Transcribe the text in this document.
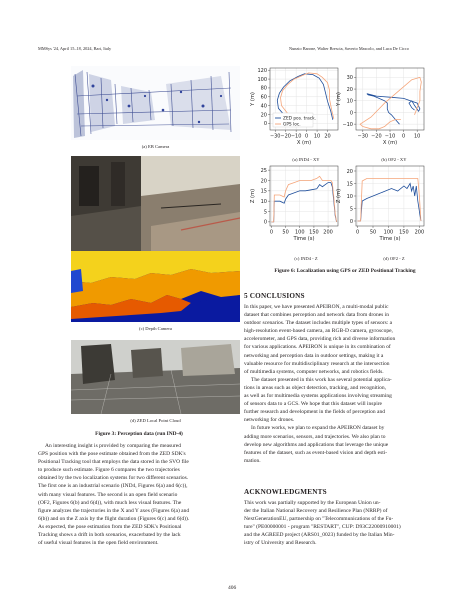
MMSys '24, April 15–18, 2024, Bari, Italy	Nunzio Barone, Walter Brescia, Saverio Mascolo, and Luca De Cicco
(a) EB Camera
(c) Depth Camera
(d) ZED Local Point Cloud
Figure 3: Perception data (run IND-4)

An interesting insight is provided by comparing the measured

GPS position with the pose estimate obtained from the ZED SDK's

Positional Tracking tool that employs the data stored in the SVO file

to produce such estimate. Figure 6 compares the two trajectories

obtained by the two localization systems for two different scenarios.

The first one is an industrial scenario (IND4, Figures 6(a) and 6(c)),

with many visual features. The second is an open field scenario

(OF2, Figures 6(b) and 6(d)), with much less visual features. The

figure analyzes the trajectories in the X and Y axes (Figures 6(a) and

6(b)) and on the Z axis by the flight duration (Figures 6(c) and 6(d)).

As expected, the pose estimation from the ZED SDK's Positional

Tracking shows a drift in both scenarios, exacerbated by the lack

of useful visual features in the open field environment.

0
20
40
60
80
100
120
−30 −20 −10 0 10 20
X (m)
Y (m)
ZED pos. track.
GPS loc.	−10
0
10
20
30
−30 −20 −10 0 10
X (m)
Y (m)
0
5
10
15
20
25
0 50 100 150 200
Time (s)
Z (m)
0
5
10
15
20
0 50 100 150 200
Time (s)
Z (m)
(a) IND4 - XY	(b) OF2 - XY
(c) IND4 - Z	(d) OF2 - Z
Figure 6: Localization using GPS or ZED Positional Tracking
5 CONCLUSIONS

In this paper, we have presented APEIRON, a multi-modal public

dataset that combines perception and network data from drones in

outdoor scenarios. The dataset includes multiple types of sensors: a

high-resolution event-based camera, an RGB-D camera, gyroscope,

accelerometer, and GPS data, providing rich and diverse information

for various applications. APEIRON is unique in its combination of

networking and perception data in outdoor settings, making it a

valuable resource for multidisciplinary research at the intersection

of multimedia systems, computer networks, and robotics fields.

The dataset presented in this work has several potential applica-

tions in areas such as object detection, tracking, and recognition,

as well as for multimedia systems applications involving streaming

of sensors data to a GCS. We hope that this dataset will inspire

further research and development in the fields of perception and

networking for drones.

In future works, we plan to expand the APEIRON dataset by

adding more scenarios, sensors, and trajectories. We also plan to

develop new algorithms and applications that leverage the unique

features of the dataset, such as event-based vision and depth esti-

mation.

ACKNOWLEDGMENTS

This work was partially supported by the European Union un-

der the Italian National Recovery and Resilience Plan (NRRP) of

NextGenerationEU, partnership on "Telecommunications of the Fu-

ture" (PE00000001 - program "RESTART", CUP: D93C22000910001)

and the AGREED project (ARS01_0023) funded by the Italian Min-

istry of University and Research.

406
